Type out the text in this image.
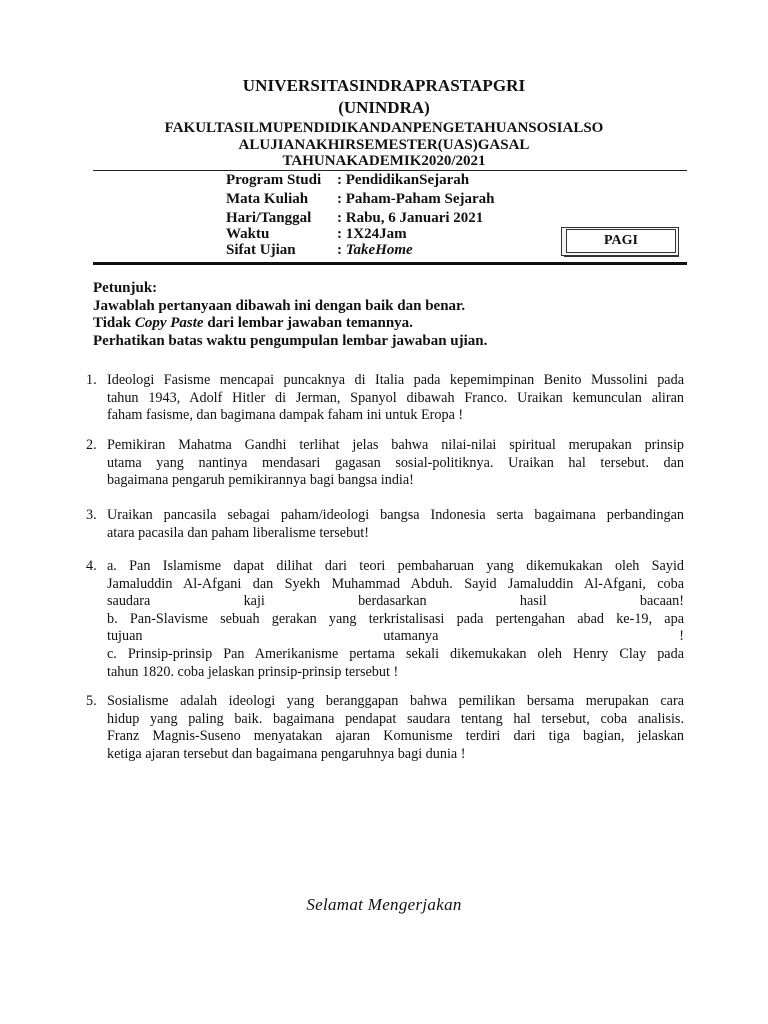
UNIVERSITASINDRAPRASTAPGRI
(UNINDRA)
FAKULTASILMUPENDIDIKANDANPENGETAHUANSOSIALSO
ALUJIANAKHIRSEMESTER(UAS)GASAL
TAHUNAKADEMIK2020/2021
Program Studi : PendidikanSejarah
Mata Kuliah : Paham-Paham Sejarah
Hari/Tanggal : Rabu, 6 Januari 2021
Waktu	: 1X24Jam
Sifat Ujian	: TakeHome
PAGI
Petunjuk:
Jawablah pertanyaan dibawah ini dengan baik dan benar.
Tidak Copy Paste dari lembar jawaban temannya.
Perhatikan batas waktu pengumpulan lembar jawaban ujian.
1. Ideologi Fasisme mencapai puncaknya di Italia pada kepemimpinan Benito Mussolini pada
tahun 1943, Adolf Hitler di Jerman, Spanyol dibawah Franco. Uraikan kemunculan aliran
faham fasisme, dan bagimana dampak faham ini untuk Eropa !
2. Pemikiran Mahatma Gandhi terlihat jelas bahwa nilai-nilai spiritual merupakan prinsip
utama yang nantinya mendasari gagasan sosial-politiknya. Uraikan hal tersebut. dan
bagaimana pengaruh pemikirannya bagi bangsa india!
3. Uraikan pancasila sebagai paham/ideologi bangsa Indonesia serta bagaimana perbandingan
atara pacasila dan paham liberalisme tersebut!
4. a. Pan Islamisme dapat dilihat dari teori pembaharuan yang dikemukakan oleh Sayid
Jamaluddin Al-Afgani dan Syekh Muhammad Abduh. Sayid Jamaluddin Al-Afgani, coba
saudara kaji berdasarkan hasil bacaan!
b. Pan-Slavisme sebuah gerakan yang terkristalisasi pada pertengahan abad ke-19, apa
tujuan utamanya !
c. Prinsip-prinsip Pan Amerikanisme pertama sekali dikemukakan oleh Henry Clay pada
tahun 1820. coba jelaskan prinsip-prinsip tersebut !
5. Sosialisme adalah ideologi yang beranggapan bahwa pemilikan bersama merupakan cara
hidup yang paling baik. bagaimana pendapat saudara tentang hal tersebut, coba analisis.
Franz Magnis-Suseno menyatakan ajaran Komunisme terdiri dari tiga bagian, jelaskan
ketiga ajaran tersebut dan bagaimana pengaruhnya bagi dunia !
Selamat Mengerjakan
